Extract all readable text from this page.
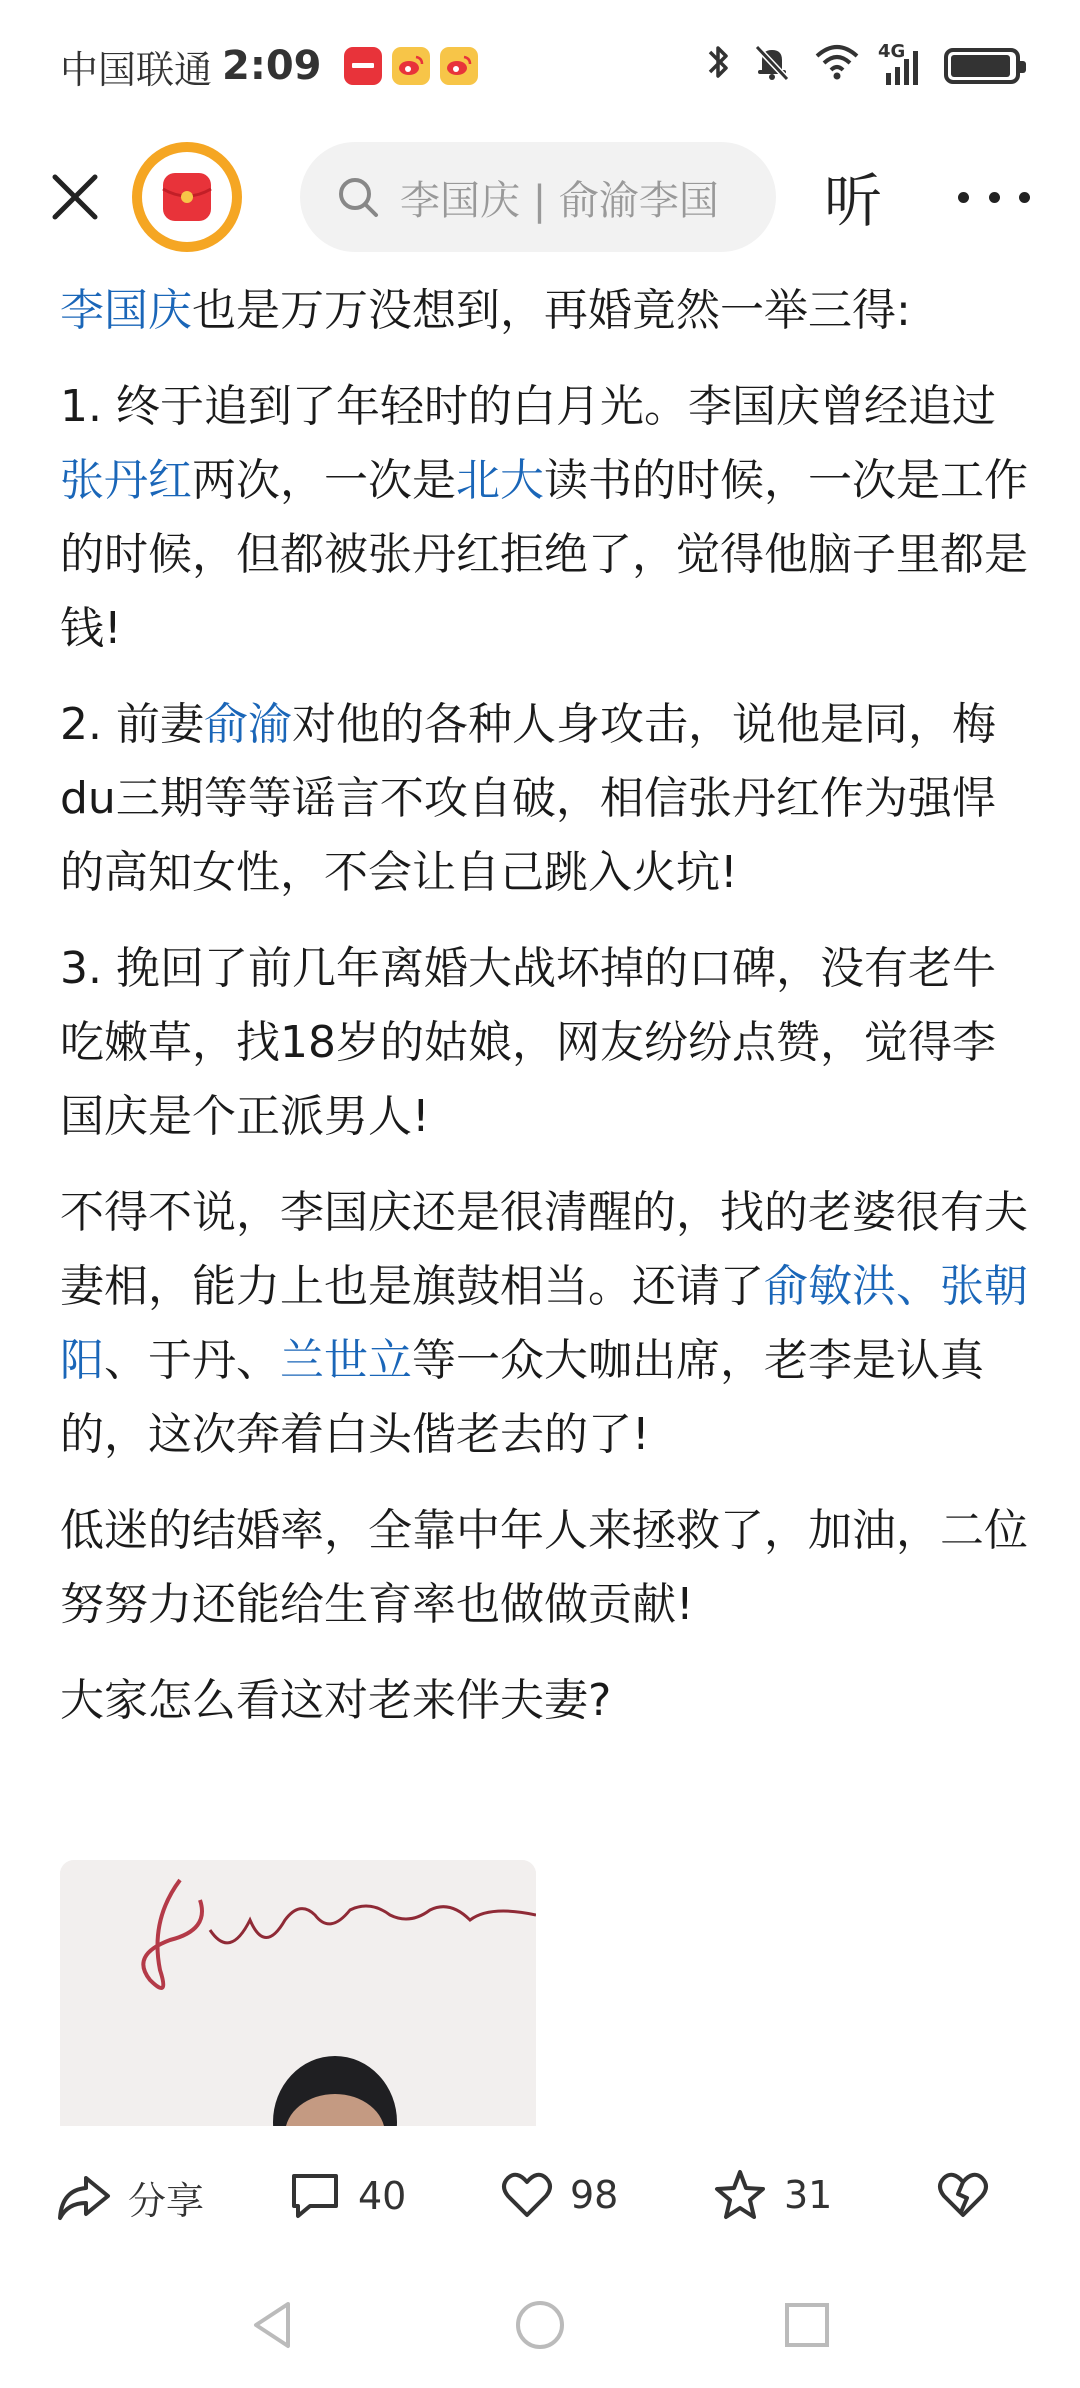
中国联通 2:09	4G
李国庆 | 俞渝李国 听

李国庆也是万万没想到，再婚竟然一举三得:

1. 终于追到了年轻时的白月光。李国庆曾经追过张丹红两次，一次是北大读书的时候，一次是工作的时候，但都被张丹红拒绝了，觉得他脑子里都是钱!

2. 前妻俞渝对他的各种人身攻击，说他是同，梅du三期等等谣言不攻自破，相信张丹红作为强悍的高知女性，不会让自己跳入火坑!

3. 挽回了前几年离婚大战坏掉的口碑，没有老牛吃嫩草，找18岁的姑娘，网友纷纷点赞，觉得李国庆是个正派男人!

不得不说，李国庆还是很清醒的，找的老婆很有夫妻相，能力上也是旗鼓相当。还请了俞敏洪、张朝阳、于丹、兰世立等一众大咖出席，老李是认真的，这次奔着白头偕老去的了!

低迷的结婚率，全靠中年人来拯救了，加油，二位努努力还能给生育率也做做贡献!

大家怎么看这对老来伴夫妻?

分享	40	98	31
